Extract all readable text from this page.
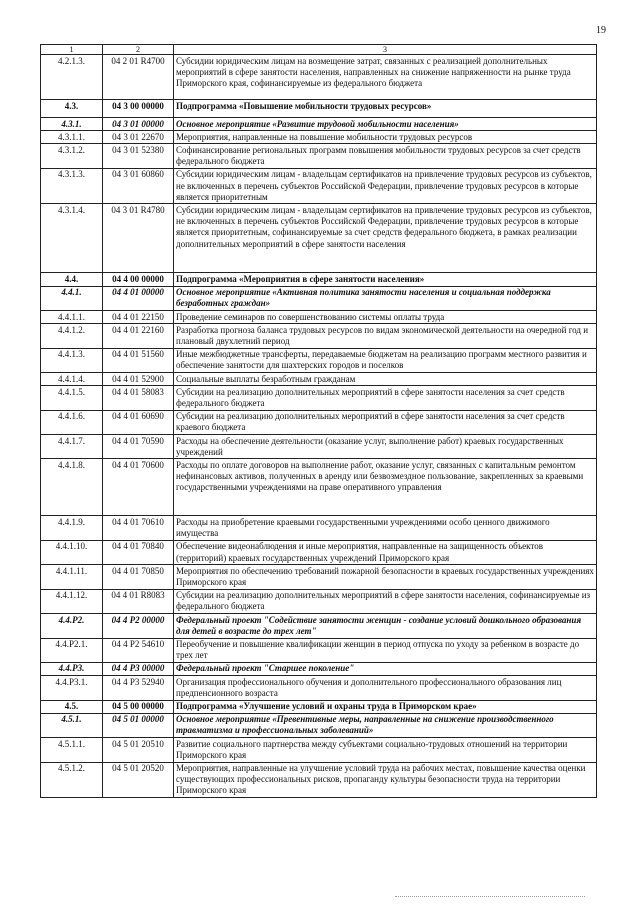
19
1	2	3
4.2.1.3.	04 2 01 R4700	Субсидии юридическим лицам на возмещение затрат, связанных с реализацией дополнительных мероприятий в сфере занятости населения, направленных на снижение напряженности на рынке труда Приморского края, софинансируемые из федерального бюджета
4.3.	04 3 00 00000	Подпрограмма «Повышение мобильности трудовых ресурсов»
4.3.1.	04 3 01 00000	Основное мероприятие «Развитие трудовой мобильности населения»
4.3.1.1.	04 3 01 22670	Мероприятия, направленные на повышение мобильности трудовых ресурсов
4.3.1.2.	04 3 01 52380	Софинансирование региональных программ повышения мобильности трудовых ресурсов за счет средств федерального бюджета
4.3.1.3.	04 3 01 60860	Субсидии юридическим лицам - владельцам сертификатов на привлечение трудовых ресурсов из субъектов, не включенных в перечень субъектов Российской Федерации, привлечение трудовых ресурсов в которые является приоритетным
4.3.1.4.	04 3 01 R4780	Субсидии юридическим лицам - владельцам сертификатов на привлечение трудовых ресурсов из субъектов, не включенных в перечень субъектов Российской Федерации, привлечение трудовых ресурсов в которые является приоритетным, софинансируемые за счет средств федерального бюджета, в рамках реализации дополнительных мероприятий в сфере занятости населения
4.4.	04 4 00 00000	Подпрограмма «Мероприятия в сфере занятости населения»
4.4.1.	04 4 01 00000	Основное мероприятие «Активная политика занятости населения и социальная поддержка безработных граждан»
4.4.1.1.	04 4 01 22150	Проведение семинаров по совершенствованию системы оплаты труда
4.4.1.2.	04 4 01 22160	Разработка прогноза баланса трудовых ресурсов по видам экономической деятельности на очередной год и плановый двухлетний период
4.4.1.3.	04 4 01 51560	Иные межбюджетные трансферты, передаваемые бюджетам на реализацию программ местного развития и обеспечение занятости для шахтерских городов и поселков
4.4.1.4.	04 4 01 52900	Социальные выплаты безработным гражданам
4.4.1.5.	04 4 01 58083	Субсидии на реализацию дополнительных мероприятий в сфере занятости населения за счет средств федерального бюджета
4.4.1.6.	04 4 01 60690	Субсидии на реализацию дополнительных мероприятий в сфере занятости населения за счет средств краевого бюджета
4.4.1.7.	04 4 01 70590	Расходы на обеспечение деятельности (оказание услуг, выполнение работ) краевых государственных учреждений
4.4.1.8.	04 4 01 70600	Расходы по оплате договоров на выполнение работ, оказание услуг, связанных с капитальным ремонтом нефинансовых активов, полученных в аренду или безвозмездное пользование, закрепленных за краевыми государственными учреждениями на праве оперативного управления
4.4.1.9.	04 4 01 70610	Расходы на приобретение краевыми государственными учреждениями особо ценного движимого имущества
4.4.1.10.	04 4 01 70840	Обеспечение видеонаблюдения и иные мероприятия, направленные на защищенность объектов (территорий) краевых государственных учреждений Приморского края
4.4.1.11.	04 4 01 70850	Мероприятия по обеспечению требований пожарной безопасности в краевых государственных учреждениях Приморского края
4.4.1.12.	04 4 01 R8083	Субсидии на реализацию дополнительных мероприятий в сфере занятости населения, софинансируемые из федерального бюджета
4.4.P2.	04 4 P2 00000	Федеральный проект "Содействие занятости женщин - создание условий дошкольного образования для детей в возрасте до трех лет"
4.4.P2.1.	04 4 P2 54610	Переобучение и повышение квалификации женщин в период отпуска по уходу за ребенком в возрасте до трех лет
4.4.P3.	04 4 P3 00000	Федеральный проект "Старшее поколение"
4.4.P3.1.	04 4 P3 52940	Организация профессионального обучения и дополнительного профессионального образования лиц предпенсионного возраста
4.5.	04 5 00 00000	Подпрограмма «Улучшение условий и охраны труда в Приморском крае»
4.5.1.	04 5 01 00000	Основное мероприятие «Превентивные меры, направленные на снижение производственного травматизма и профессиональных заболеваний»
4.5.1.1.	04 5 01 20510	Развитие социального партнерства между субъектами социально-трудовых отношений на территории Приморского края
4.5.1.2.	04 5 01 20520	Мероприятия, направленные на улучшение условий труда на рабочих местах, повышение качества оценки существующих профессиональных рисков, пропаганду культуры безопасности труда на территории Приморского края
